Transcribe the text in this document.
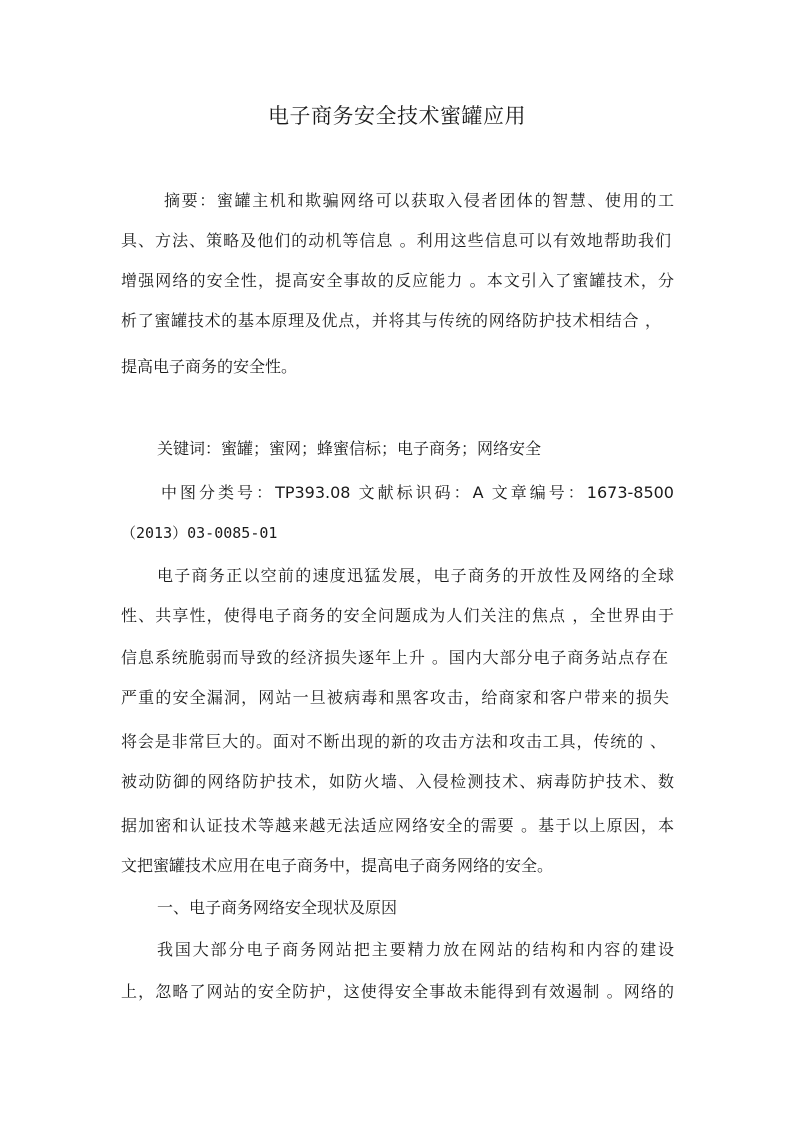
电子商务安全技术蜜罐应用
摘要：蜜罐主机和欺骗网络可以获取入侵者团体的智慧、使用的工
具、方法、策略及他们的动机等信息 。利用这些信息可以有效地帮助我们
增强网络的安全性，提高安全事故的反应能力 。本文引入了蜜罐技术，分
析了蜜罐技术的基本原理及优点，并将其与传统的网络防护技术相结合 ，
提高电子商务的安全性。
关键词：蜜罐；蜜网；蜂蜜信标；电子商务；网络安全
中图分类号：TP393.08 文献标识码：A 文章编号：1673-8500
（2013）03-0085-01
电子商务正以空前的速度迅猛发展，电子商务的开放性及网络的全球
性、共享性，使得电子商务的安全问题成为人们关注的焦点 ，全世界由于
信息系统脆弱而导致的经济损失逐年上升 。国内大部分电子商务站点存在
严重的安全漏洞，网站一旦被病毒和黑客攻击，给商家和客户带来的损失
将会是非常巨大的。面对不断出现的新的攻击方法和攻击工具，传统的 、
被动防御的网络防护技术，如防火墙、入侵检测技术、病毒防护技术、数
据加密和认证技术等越来越无法适应网络安全的需要 。基于以上原因，本
文把蜜罐技术应用在电子商务中，提高电子商务网络的安全。
一、电子商务网络安全现状及原因
我国大部分电子商务网站把主要精力放在网站的结构和内容的建设
上，忽略了网站的安全防护，这使得安全事故未能得到有效遏制 。网络的
